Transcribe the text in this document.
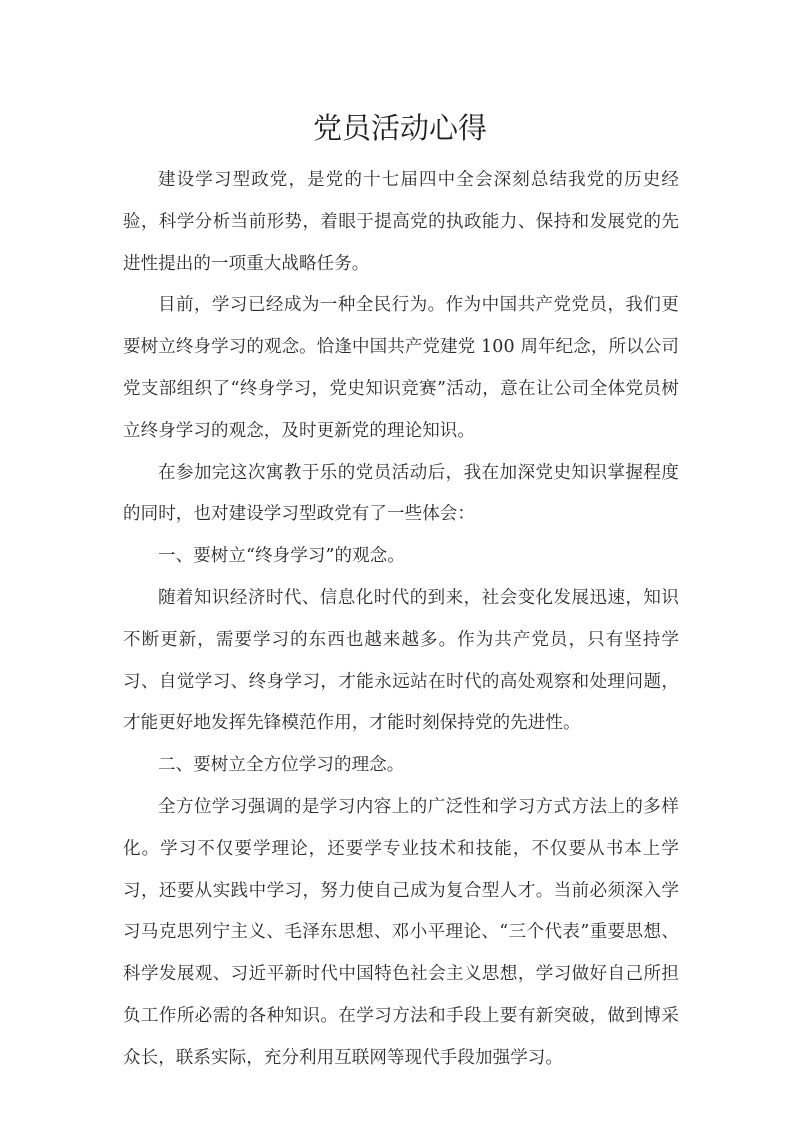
党员活动心得

建设学习型政党，是党的十七届四中全会深刻总结我党的历史经验，科学分析当前形势，着眼于提高党的执政能力、保持和发展党的先进性提出的一项重大战略任务。

目前，学习已经成为一种全民行为。作为中国共产党党员，我们更要树立终身学习的观念。恰逢中国共产党建党 100 周年纪念，所以公司党支部组织了“终身学习，党史知识竞赛”活动，意在让公司全体党员树立终身学习的观念，及时更新党的理论知识。

在参加完这次寓教于乐的党员活动后，我在加深党史知识掌握程度的同时，也对建设学习型政党有了一些体会：

一、要树立“终身学习”的观念。

随着知识经济时代、信息化时代的到来，社会变化发展迅速，知识不断更新，需要学习的东西也越来越多。作为共产党员，只有坚持学习、自觉学习、终身学习，才能永远站在时代的高处观察和处理问题，才能更好地发挥先锋模范作用，才能时刻保持党的先进性。

二、要树立全方位学习的理念。

全方位学习强调的是学习内容上的广泛性和学习方式方法上的多样化。学习不仅要学理论，还要学专业技术和技能，不仅要从书本上学习，还要从实践中学习，努力使自己成为复合型人才。当前必须深入学习马克思列宁主义、毛泽东思想、邓小平理论、“三个代表”重要思想、科学发展观、习近平新时代中国特色社会主义思想，学习做好自己所担负工作所必需的各种知识。在学习方法和手段上要有新突破，做到博采众长，联系实际，充分利用互联网等现代手段加强学习。
